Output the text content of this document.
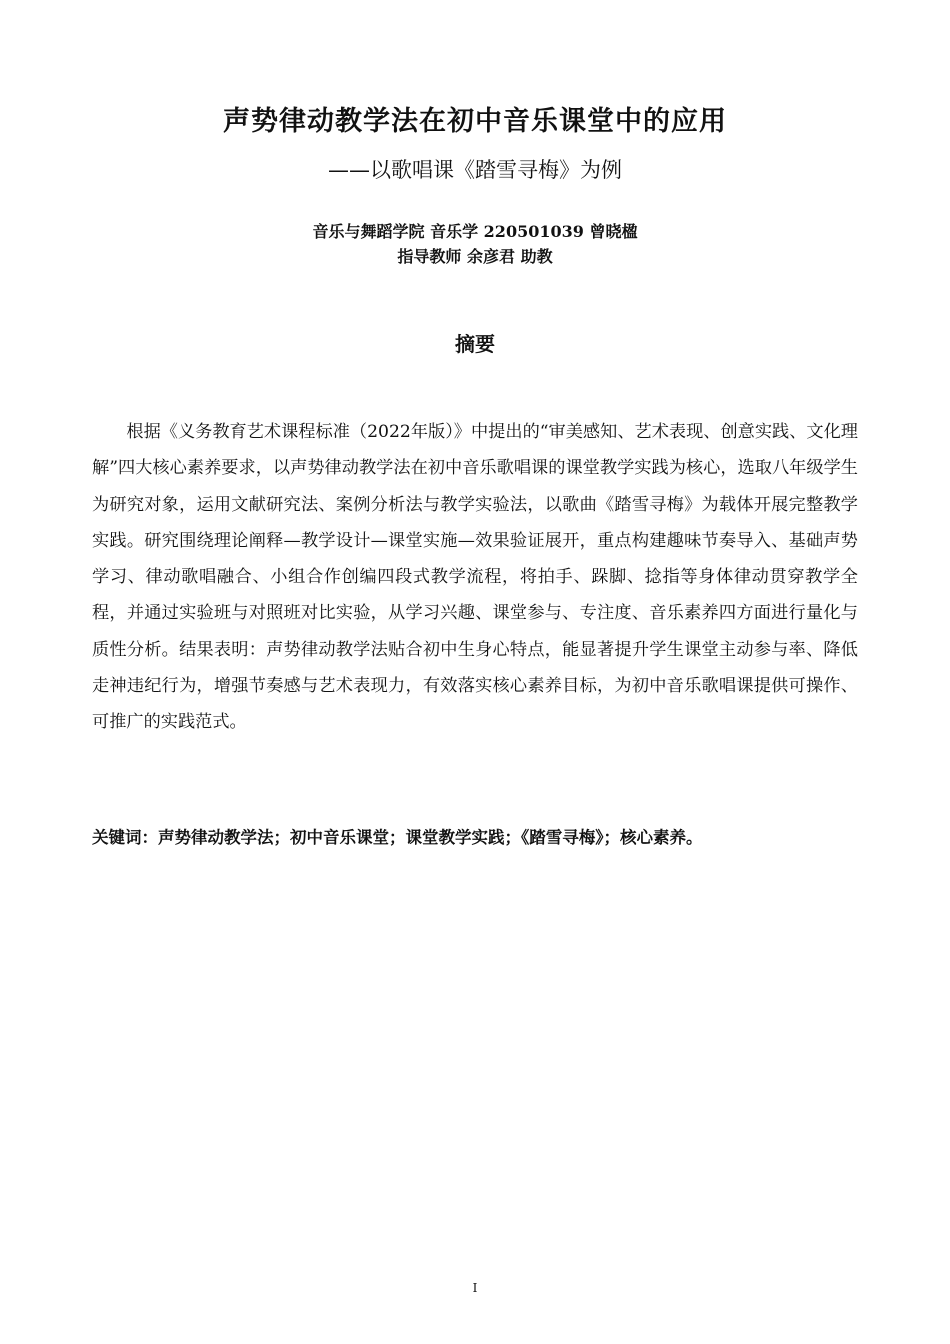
声势律动教学法在初中音乐课堂中的应用
——以歌唱课《踏雪寻梅》为例
音乐与舞蹈学院 音乐学 220501039 曾晓楹
指导教师 余彦君 助教
摘要

根据《义务教育艺术课程标准（2022年版）》中提出的“审美感知、艺术表现、创意实践、文化理解”四大核心素养要求，以声势律动教学法在初中音乐歌唱课的课堂教学实践为核心，选取八年级学生为研究对象，运用文献研究法、案例分析法与教学实验法，以歌曲《踏雪寻梅》为载体开展完整教学实践。研究围绕理论阐释—教学设计—课堂实施—效果验证展开，重点构建趣味节奏导入、基础声势学习、律动歌唱融合、小组合作创编四段式教学流程，将拍手、跺脚、捻指等身体律动贯穿教学全程，并通过实验班与对照班对比实验，从学习兴趣、课堂参与、专注度、音乐素养四方面进行量化与质性分析。结果表明：声势律动教学法贴合初中生身心特点，能显著提升学生课堂主动参与率、降低走神违纪行为，增强节奏感与艺术表现力，有效落实核心素养目标，为初中音乐歌唱课提供可操作、可推广的实践范式。

关键词：声势律动教学法；初中音乐课堂；课堂教学实践；《踏雪寻梅》；核心素养。
I
